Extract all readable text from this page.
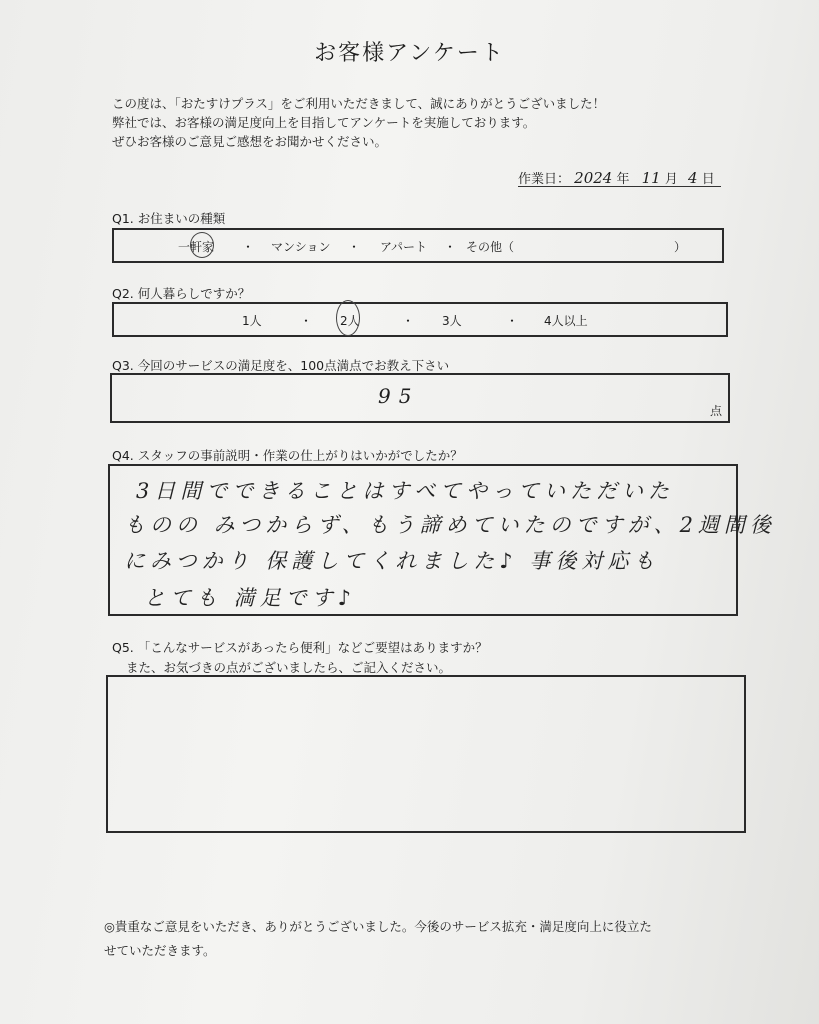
お客様アンケート
この度は、「おたすけプラス」をご利用いただきまして、誠にありがとうございました！
弊社では、お客様の満足度向上を目指してアンケートを実施しております。
ぜひお客様のご意見ご感想をお聞かせください。
作業日： 2024 年 11 月 4 日
Q1. お住まいの種類
一軒家 ・ マンション ・ アパート ・ その他（	）
Q2. 何人暮らしですか？
1人	・ 2人	・ 3人	・ 4人以上
Q3. 今回のサービスの満足度を、100点満点でお教え下さい
95
点
Q4. スタッフの事前説明・作業の仕上がりはいかがでしたか？
3日間でできることはすべてやっていただいた
ものの みつからず、もう諦めていたのですが、2週間後
にみつかり 保護してくれました♪ 事後対応も
とても 満足です♪
Q5. 「こんなサービスがあったら便利」などご要望はありますか？
また、お気づきの点がございましたら、ご記入ください。
◎貴重なご意見をいただき、ありがとうございました。今後のサービス拡充・満足度向上に役立た
せていただきます。
